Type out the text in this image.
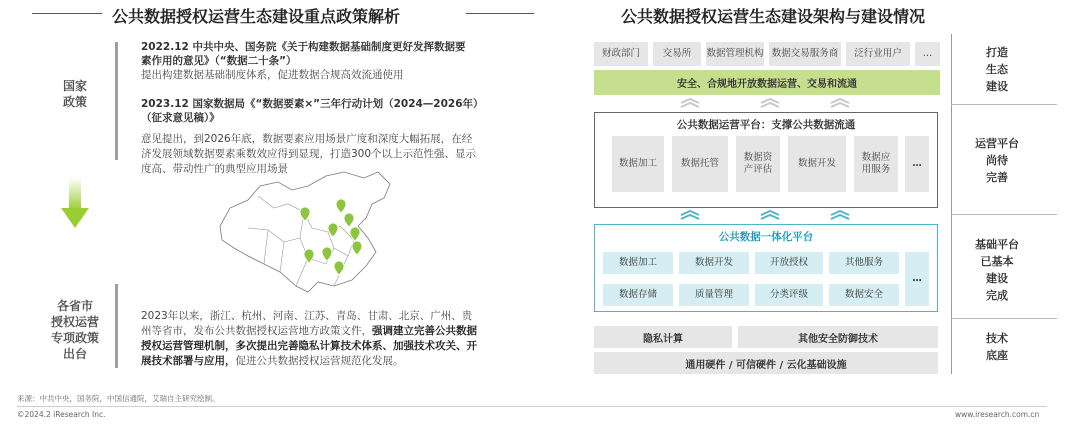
公共数据授权运营生态建设重点政策解析
国家
政策
各省市
授权运营
专项政策
出台
2022.12 中共中央、国务院《关于构建数据基础制度更好发挥数据要
素作用的意见》（“数据二十条”）
提出构建数据基础制度体系，促进数据合规高效流通使用
2023.12 国家数据局《“数据要素×”三年行动计划（2024—2026年）
（征求意见稿）》
意见提出，到2026年底，数据要素应用场景广度和深度大幅拓展，在经
济发展领域数据要素乘数效应得到显现，打造300个以上示范性强、显示
度高、带动性广的典型应用场景
2023年以来，浙江、杭州、河南、江苏、青岛、甘肃、北京、广州、贵
州等省市，发布公共数据授权运营地方政策文件，强调建立完善公共数据
授权运营管理机制，多次提出完善隐私计算技术体系、加强技术攻关、开
展技术部署与应用，促进公共数据授权运营规范化发展。
公共数据授权运营生态建设架构与建设情况
财政部门	交易所	数据管理机构 数据交易服务商	泛行业用户	…
安全、合规地开放数据运营、交易和流通
公共数据运营平台：支撑公共数据流通
数据加工	数据托管
数据资产评估
数据开发
数据应用服务
…
公共数据一体化平台
数据加工	数据开发	开放授权	其他服务
数据存储	质量管理	分类评级	数据安全
…
隐私计算	其他安全防御技术
通用硬件 / 可信硬件 / 云化基础设施
打造
生态
建设
运营平台
尚待
完善
基础平台
已基本
建设
完成
技术
底座
来源：中共中央，国务院，中国信通院，艾瑞自主研究绘制。
©2024.2 iResearch Inc.	www.iresearch.com.cn
